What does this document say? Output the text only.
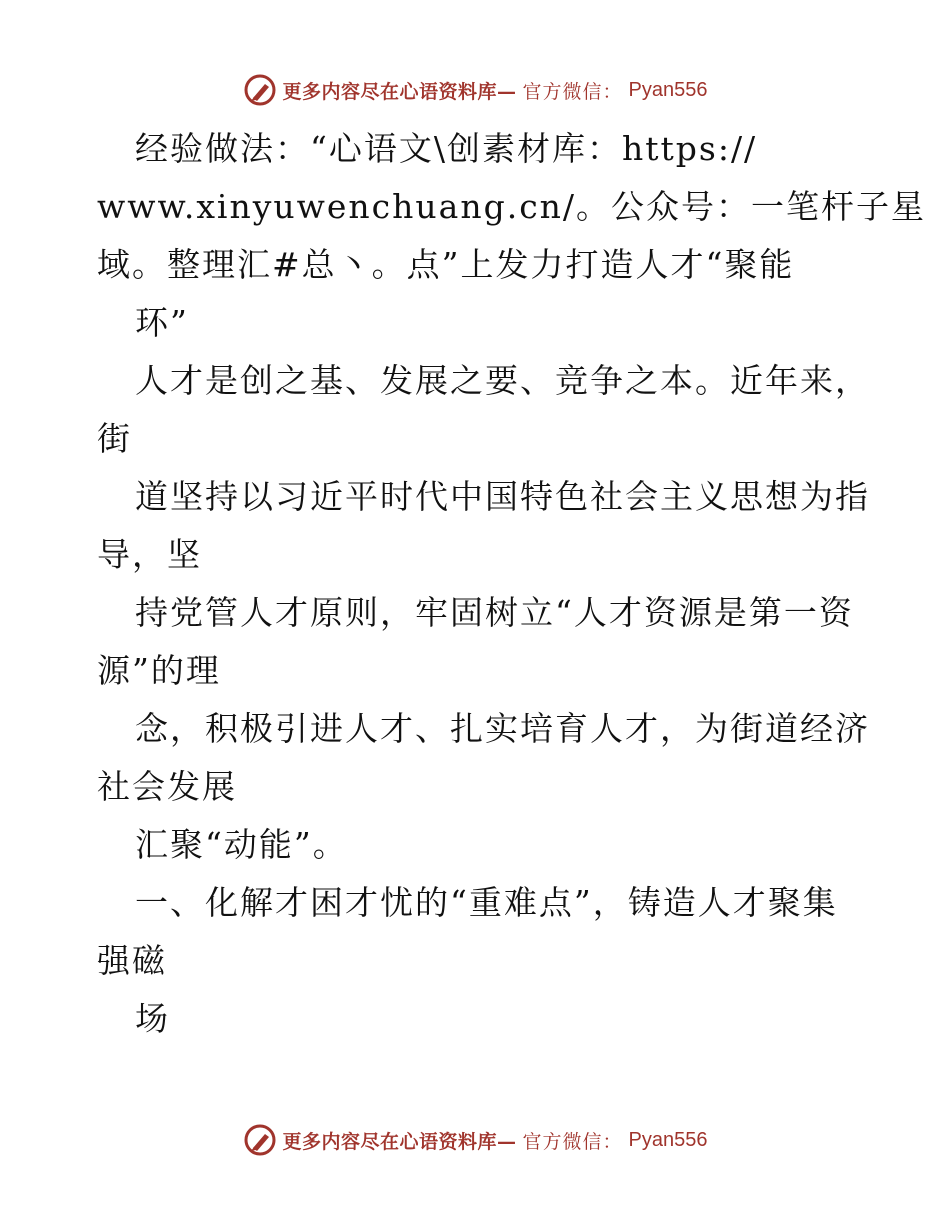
更多内容尽在心语资料库— 官方微信： Pyan556

经验做法：“心语文\创素材库：https://

www.xinyuwenchuang.cn/。公众号：一笔杆子星

域。整理汇#总丶。点”上发力打造人才“聚能

环”

人才是创之基、发展之要、竞争之本。近年来，

街

道坚持以习近平时代中国特色社会主义思想为指

导，坚

持党管人才原则，牢固树立“人才资源是第一资

源”的理

念，积极引进人才、扎实培育人才，为街道经济

社会发展

汇聚“动能”。

一、化解才困才忧的“重难点”，铸造人才聚集

强磁

场

更多内容尽在心语资料库— 官方微信： Pyan556
